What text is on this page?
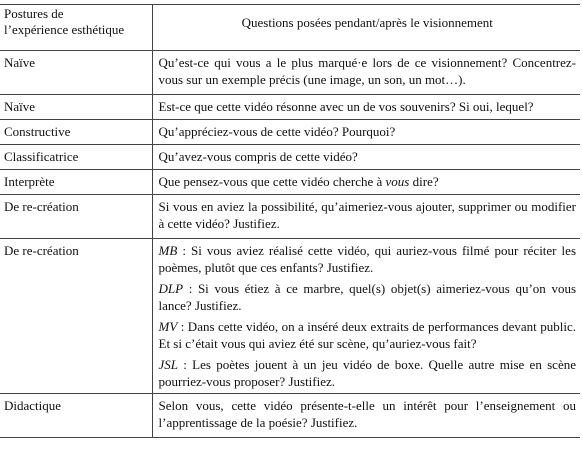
Postures de
l’expérience esthétique	Questions posées pendant/après le visionnement
Naïve	Qu’est-ce qui vous a le plus marqué·e lors de ce visionnement? Concentrez-vous sur un exemple précis (une image, un son, un mot…).
Naïve	Est-ce que cette vidéo résonne avec un de vos souvenirs? Si oui, lequel?
Constructive	Qu’appréciez-vous de cette vidéo? Pourquoi?
Classificatrice	Qu’avez-vous compris de cette vidéo?
Interprète	Que pensez-vous que cette vidéo cherche à vous dire?
De re-création	Si vous en aviez la possibilité, qu’aimeriez-vous ajouter, supprimer ou modifier à cette vidéo? Justifiez.
De re-création	MB : Si vous aviez réalisé cette vidéo, qui auriez-vous filmé pour réciter les poèmes, plutôt que ces enfants? Justifiez.

DLP : Si vous étiez à ce marbre, quel(s) objet(s) aimeriez-vous qu’on vous lance? Justifiez.

MV : Dans cette vidéo, on a inséré deux extraits de performances devant public. Et si c’était vous qui aviez été sur scène, qu’auriez-vous fait?

JSL : Les poètes jouent à un jeu vidéo de boxe. Quelle autre mise en scène pourriez-vous proposer? Justifiez.

Didactique	Selon vous, cette vidéo présente-t-elle un intérêt pour l’enseignement ou l’apprentissage de la poésie? Justifiez.
